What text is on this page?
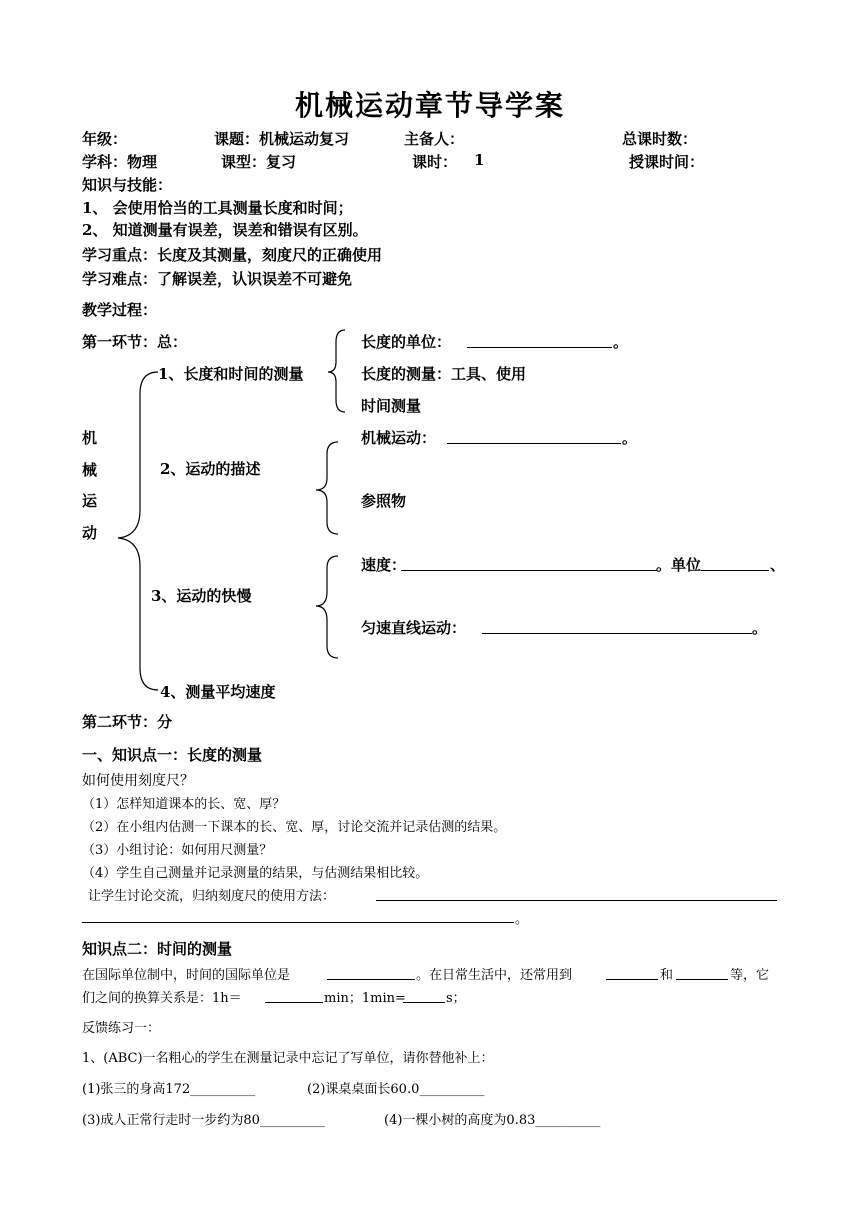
机械运动章节导学案
年级：	课题：机械运动复习	主备人：	总课时数：
学科：物理	课型：复习	课时： 1	授课时间：
知识与技能：
1、 会使用恰当的工具测量长度和时间；
2、 知道测量有误差，误差和错误有区别。
学习重点：长度及其测量，刻度尺的正确使用
学习难点：了解误差，认识误差不可避免
教学过程：
第一环节：总：
机
械
运
动
1、长度和时间的测量
2、运动的描述
3、运动的快慢
4、测量平均速度
长度的单位：	。
长度的测量：工具、使用
时间测量
机械运动：	。
参照物
速度：	。单位	、
匀速直线运动：	。
第二环节：分
一、知识点一：长度的测量
如何使用刻度尺？
（1）怎样知道课本的长、宽、厚？
（2）在小组内估测一下课本的长、宽、厚，讨论交流并记录估测的结果。
（3）小组讨论：如何用尺测量？
（4）学生自己测量并记录测量的结果，与估测结果相比较。
让学生讨论交流，归纳刻度尺的使用方法：
。
知识点二：时间的测量
在国际单位制中，时间的国际单位是	。在日常生活中，还常用到	和	等，它
们之间的换算关系是：1h＝	min；1min=	s；
反馈练习一：
1、(ABC)一名粗心的学生在测量记录中忘记了写单位，请你替他补上：
(1)张三的身高172__________	(2)课桌桌面长60.0__________
(3)成人正常行走时一步约为80__________	(4)一棵小树的高度为0.83__________
